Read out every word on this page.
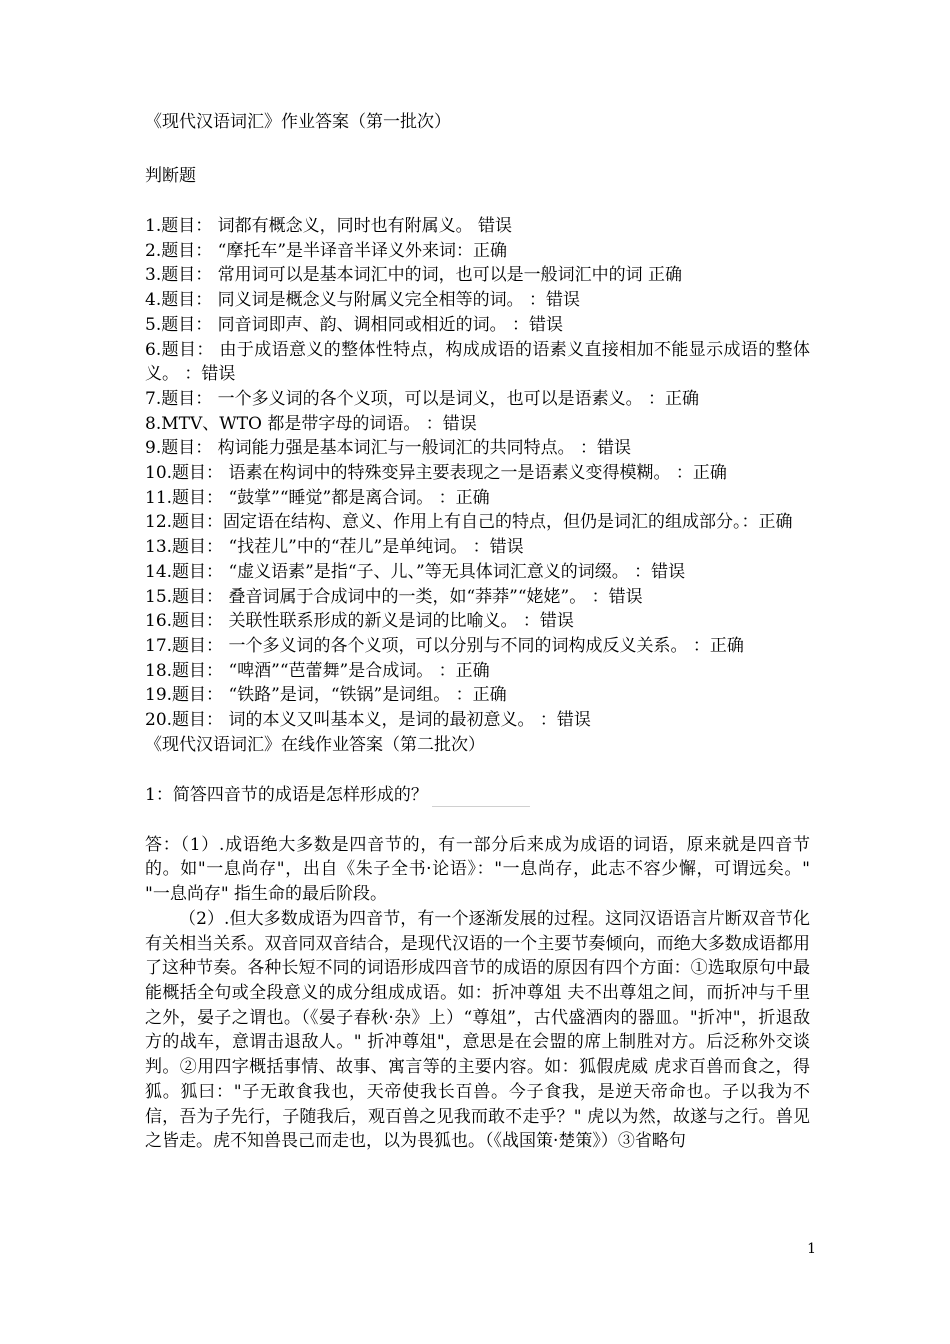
《现代汉语词汇》作业答案（第一批次）
判断题
1.题目： 词都有概念义，同时也有附属义。 错误
2.题目： “摩托车”是半译音半译义外来词：正确
3.题目： 常用词可以是基本词汇中的词，也可以是一般词汇中的词 正确
4.题目： 同义词是概念义与附属义完全相等的词。 ：错误
5.题目： 同音词即声、韵、调相同或相近的词。 ：错误
6.题目： 由于成语意义的整体性特点，构成成语的语素义直接相加不能显示成语的整体义。 ：错误
7.题目： 一个多义词的各个义项，可以是词义，也可以是语素义。 ：正确
8.MTV、WTO 都是带字母的词语。 ：错误
9.题目： 构词能力强是基本词汇与一般词汇的共同特点。 ：错误
10.题目： 语素在构词中的特殊变异主要表现之一是语素义变得模糊。 ：正确
11.题目： “鼓掌”“睡觉”都是离合词。 ：正确
12.题目：固定语在结构、意义、作用上有自己的特点，但仍是词汇的组成部分。：正确
13.题目： “找茬儿”中的“茬儿”是单纯词。 ：错误
14.题目： “虚义语素”是指“子、儿、”等无具体词汇意义的词缀。 ：错误
15.题目： 叠音词属于合成词中的一类，如“莽莽”“姥姥”。 ：错误
16.题目： 关联性联系形成的新义是词的比喻义。 ：错误
17.题目： 一个多义词的各个义项，可以分别与不同的词构成反义关系。 ：正确
18.题目： “啤酒”“芭蕾舞”是合成词。 ：正确
19.题目： “铁路”是词，“铁锅”是词组。 ：正确
20.题目： 词的本义又叫基本义，是词的最初意义。 ：错误
《现代汉语词汇》在线作业答案（第二批次）
1：简答四音节的成语是怎样形成的？

答：（1）.成语绝大多数是四音节的，有一部分后来成为成语的词语，原来就是四音节的。如"一息尚存"，出自《朱子全书·论语》："一息尚存，此志不容少懈，可谓远矣。" "一息尚存" 指生命的最后阶段。

（2）.但大多数成语为四音节，有一个逐渐发展的过程。这同汉语语言片断双音节化有关相当关系。双音同双音结合，是现代汉语的一个主要节奏倾向，而绝大多数成语都用了这种节奏。各种长短不同的词语形成四音节的成语的原因有四个方面：①选取原句中最能概括全句或全段意义的成分组成成语。如：折冲尊俎 夫不出尊俎之间，而折冲与千里之外，晏子之谓也。（《晏子春秋·杂》上）“尊俎”，古代盛酒肉的器皿。"折冲"，折退敌方的战车，意谓击退敌人。" 折冲尊俎"，意思是在会盟的席上制胜对方。后泛称外交谈判。②用四字概括事情、故事、寓言等的主要内容。如：狐假虎威 虎求百兽而食之，得狐。狐曰："子无敢食我也，天帝使我长百兽。今子食我，是逆天帝命也。子以我为不信，吾为子先行，子随我后，观百兽之见我而敢不走乎？" 虎以为然，故遂与之行。兽见之皆走。虎不知兽畏己而走也，以为畏狐也。（《战国策·楚策》）③省略句

1
